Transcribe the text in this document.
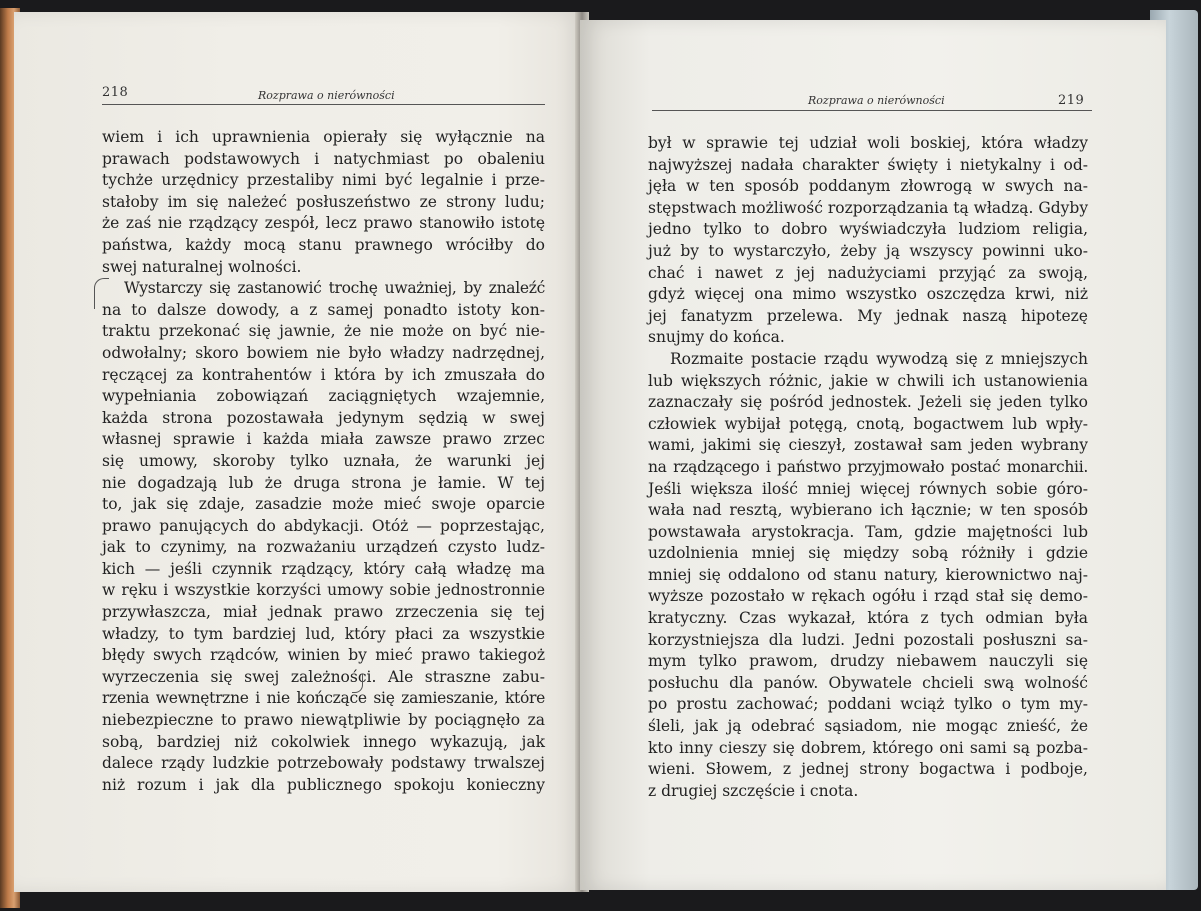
218	Rozprawa o nierówności
wiem i ich uprawnienia opierały się wyłącznie na
prawach podstawowych i natychmiast po obaleniu
tychże urzędnicy przestaliby nimi być legalnie i prze-
stałoby im się należeć posłuszeństwo ze strony ludu;
że zaś nie rządzący zespół, lecz prawo stanowiło istotę
państwa, każdy mocą stanu prawnego wróciłby do
swej naturalnej wolności.
Wystarczy się zastanowić trochę uważniej, by znaleźć
na to dalsze dowody, a z samej ponadto istoty kon-
traktu przekonać się jawnie, że nie może on być nie-
odwołalny; skoro bowiem nie było władzy nadrzędnej,
ręczącej za kontrahentów i która by ich zmuszała do
wypełniania zobowiązań zaciągniętych wzajemnie,
każda strona pozostawała jedynym sędzią w swej
własnej sprawie i każda miała zawsze prawo zrzec
się umowy, skoroby tylko uznała, że warunki jej
nie dogadzają lub że druga strona je łamie. W tej
to, jak się zdaje, zasadzie może mieć swoje oparcie
prawo panujących do abdykacji. Otóż — poprzestając,
jak to czynimy, na rozważaniu urządzeń czysto ludz-
kich — jeśli czynnik rządzący, który całą władzę ma
w ręku i wszystkie korzyści umowy sobie jednostronnie
przywłaszcza, miał jednak prawo zrzeczenia się tej
władzy, to tym bardziej lud, który płaci za wszystkie
błędy swych rządców, winien by mieć prawo takiegoż
wyrzeczenia się swej zależności. Ale straszne zabu-
rzenia wewnętrzne i nie kończące się zamieszanie, które
niebezpieczne to prawo niewątpliwie by pociągnęło za
sobą, bardziej niż cokolwiek innego wykazują, jak
dalece rządy ludzkie potrzebowały podstawy trwalszej
niż rozum i jak dla publicznego spokoju konieczny
Rozprawa o nierówności	219
był w sprawie tej udział woli boskiej, która władzy
najwyższej nadała charakter święty i nietykalny i od-
jęła w ten sposób poddanym złowrogą w swych na-
stępstwach możliwość rozporządzania tą władzą. Gdyby
jedno tylko to dobro wyświadczyła ludziom religia,
już by to wystarczyło, żeby ją wszyscy powinni uko-
chać i nawet z jej nadużyciami przyjąć za swoją,
gdyż więcej ona mimo wszystko oszczędza krwi, niż
jej fanatyzm przelewa. My jednak naszą hipotezę
snujmy do końca.
Rozmaite postacie rządu wywodzą się z mniejszych
lub większych różnic, jakie w chwili ich ustanowienia
zaznaczały się pośród jednostek. Jeżeli się jeden tylko
człowiek wybijał potęgą, cnotą, bogactwem lub wpły-
wami, jakimi się cieszył, zostawał sam jeden wybrany
na rządzącego i państwo przyjmowało postać monarchii.
Jeśli większa ilość mniej więcej równych sobie góro-
wała nad resztą, wybierano ich łącznie; w ten sposób
powstawała arystokracja. Tam, gdzie majętności lub
uzdolnienia mniej się między sobą różniły i gdzie
mniej się oddalono od stanu natury, kierownictwo naj-
wyższe pozostało w rękach ogółu i rząd stał się demo-
kratyczny. Czas wykazał, która z tych odmian była
korzystniejsza dla ludzi. Jedni pozostali posłuszni sa-
mym tylko prawom, drudzy niebawem nauczyli się
posłuchu dla panów. Obywatele chcieli swą wolność
po prostu zachować; poddani wciąż tylko o tym my-
śleli, jak ją odebrać sąsiadom, nie mogąc znieść, że
kto inny cieszy się dobrem, którego oni sami są pozba-
wieni. Słowem, z jednej strony bogactwa i podboje,
z drugiej szczęście i cnota.
